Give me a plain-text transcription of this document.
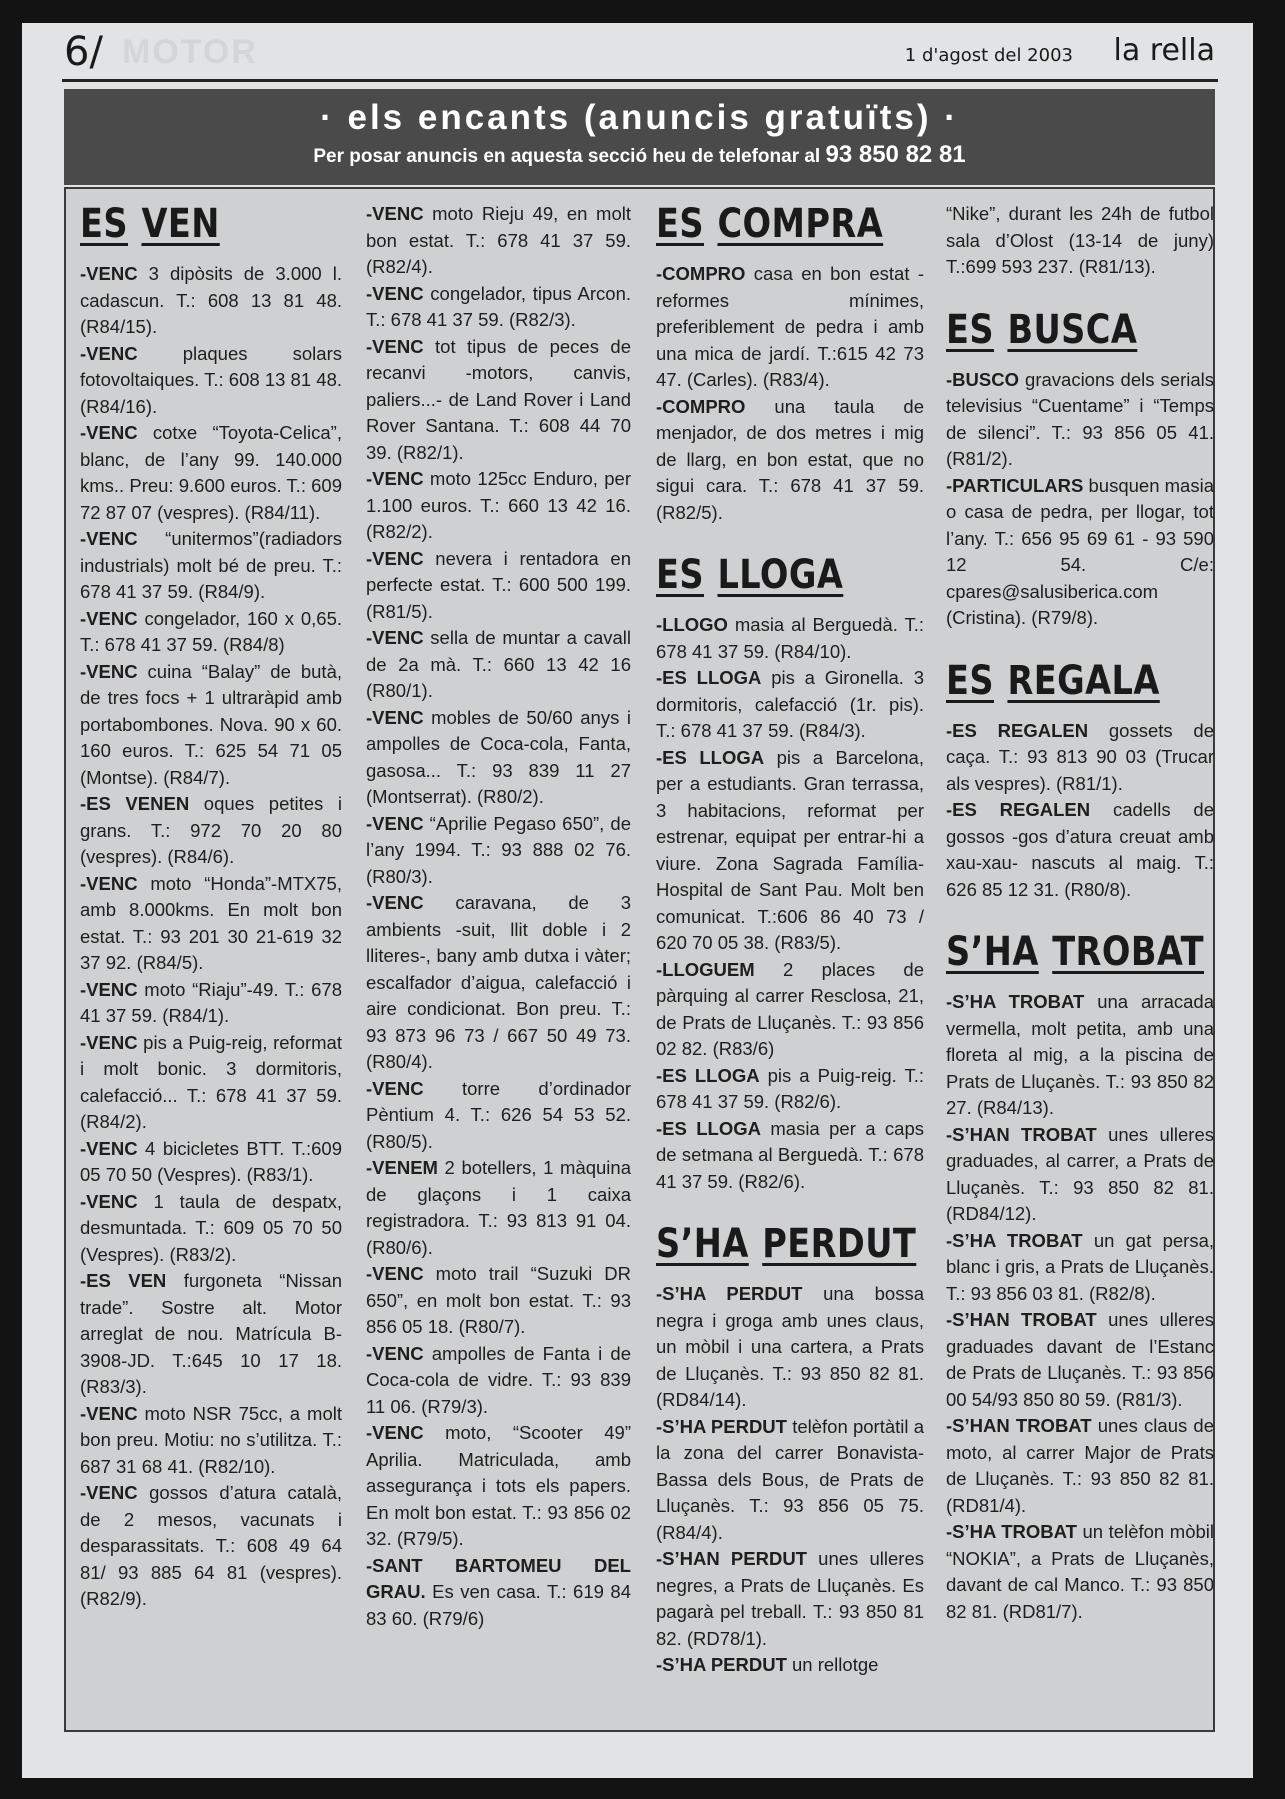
MOTOR
6/	1 d'agost del 2003 la rella
· els encants (anuncis gratuïts) ·
Per posar anuncis en aquesta secció heu de telefonar al 93 850 82 81
ES VEN
-VENC 3 dipòsits de 3.000 l. cadascun. T.: 608 13 81 48. (R84/15).
-VENC plaques solars fotovoltaiques. T.: 608 13 81 48. (R84/16).
-VENC cotxe “Toyota-Celica”, blanc, de l’any 99. 140.000 kms.. Preu: 9.600 euros. T.: 609 72 87 07 (vespres). (R84/11).
-VENC “unitermos”(radiadors industrials) molt bé de preu. T.: 678 41 37 59. (R84/9).
-VENC congelador, 160 x 0,65. T.: 678 41 37 59. (R84/8)
-VENC cuina “Balay” de butà, de tres focs + 1 ultraràpid amb portabombones. Nova. 90 x 60. 160 euros. T.: 625 54 71 05 (Montse). (R84/7).
-ES VENEN oques petites i grans. T.: 972 70 20 80 (vespres). (R84/6).
-VENC moto “Honda”-MTX75, amb 8.000kms. En molt bon estat. T.: 93 201 30 21-619 32 37 92. (R84/5).
-VENC moto “Riaju”-49. T.: 678 41 37 59. (R84/1).
-VENC pis a Puig-reig, reformat i molt bonic. 3 dormitoris, calefacció... T.: 678 41 37 59. (R84/2).
-VENC 4 bicicletes BTT. T.:609 05 70 50 (Vespres). (R83/1).
-VENC 1 taula de despatx, desmuntada. T.: 609 05 70 50 (Vespres). (R83/2).
-ES VEN furgoneta “Nissan trade”. Sostre alt. Motor arreglat de nou. Matrícula B-3908-JD. T.:645 10 17 18. (R83/3).
-VENC moto NSR 75cc, a molt bon preu. Motiu: no s’utilitza. T.: 687 31 68 41. (R82/10).
-VENC gossos d’atura català, de 2 mesos, vacunats i desparassitats. T.: 608 49 64 81/ 93 885 64 81 (vespres). (R82/9).
-VENC moto Rieju 49, en molt bon estat. T.: 678 41 37 59.(R82/4).
-VENC congelador, tipus Arcon. T.: 678 41 37 59. (R82/3).
-VENC tot tipus de peces de recanvi -motors, canvis, paliers...- de Land Rover i Land Rover Santana. T.: 608 44 70 39. (R82/1).
-VENC moto 125cc Enduro, per 1.100 euros. T.: 660 13 42 16. (R82/2).
-VENC nevera i rentadora en perfecte estat. T.: 600 500 199. (R81/5).
-VENC sella de muntar a cavall de 2a mà. T.: 660 13 42 16 (R80/1).
-VENC mobles de 50/60 anys i ampolles de Coca-cola, Fanta, gasosa... T.: 93 839 11 27 (Montserrat). (R80/2).
-VENC “Aprilie Pegaso 650”, de l’any 1994. T.: 93 888 02 76. (R80/3).
-VENC caravana, de 3 ambients -suit, llit doble i 2 lliteres-, bany amb dutxa i vàter; escalfador d’aigua, calefacció i aire condicionat. Bon preu. T.: 93 873 96 73 / 667 50 49 73. (R80/4).
-VENC torre d’ordinador Pèntium 4. T.: 626 54 53 52. (R80/5).
-VENEM 2 botellers, 1 màquina de glaçons i 1 caixa registradora. T.: 93 813 91 04. (R80/6).
-VENC moto trail “Suzuki DR 650”, en molt bon estat. T.: 93 856 05 18. (R80/7).
-VENC ampolles de Fanta i de Coca-cola de vidre. T.: 93 839 11 06. (R79/3).
-VENC moto, “Scooter 49” Aprilia. Matriculada, amb assegurança i tots els papers. En molt bon estat. T.: 93 856 02 32. (R79/5).
-SANT BARTOMEU DEL GRAU. Es ven casa. T.: 619 84 83 60. (R79/6)
ES COMPRA
-COMPRO casa en bon estat -reformes mínimes, preferiblement de pedra i amb una mica de jardí. T.:615 42 73 47. (Carles). (R83/4).
-COMPRO una taula de menjador, de dos metres i mig de llarg, en bon estat, que no sigui cara. T.: 678 41 37 59. (R82/5).
ES LLOGA
-LLOGO masia al Berguedà. T.: 678 41 37 59. (R84/10).
-ES LLOGA pis a Gironella. 3 dormitoris, calefacció (1r. pis). T.: 678 41 37 59. (R84/3).
-ES LLOGA pis a Barcelona, per a estudiants. Gran terrassa, 3 habitacions, reformat per estrenar, equipat per entrar-hi a viure. Zona Sagrada Família-Hospital de Sant Pau. Molt ben comunicat. T.:606 86 40 73 / 620 70 05 38. (R83/5).
-LLOGUEM 2 places de pàrquing al carrer Resclosa, 21, de Prats de Lluçanès. T.: 93 856 02 82. (R83/6)
-ES LLOGA pis a Puig-reig. T.: 678 41 37 59. (R82/6).
-ES LLOGA masia per a caps de setmana al Berguedà. T.: 678 41 37 59. (R82/6).
S’HA PERDUT
-S’HA PERDUT una bossa negra i groga amb unes claus, un mòbil i una cartera, a Prats de Lluçanès. T.: 93 850 82 81. (RD84/14).
-S’HA PERDUT telèfon portàtil a la zona del carrer Bonavista-Bassa dels Bous, de Prats de Lluçanès. T.: 93 856 05 75. (R84/4).
-S’HAN PERDUT unes ulleres negres, a Prats de Lluçanès. Es pagarà pel treball. T.: 93 850 81 82. (RD78/1).
-S’HA PERDUT un rellotge
“Nike”, durant les 24h de futbol sala d’Olost (13-14 de juny) T.:699 593 237. (R81/13).
ES BUSCA
-BUSCO gravacions dels serials televisius “Cuentame” i “Temps de silenci”. T.: 93 856 05 41. (R81/2).
-PARTICULARS busquen masia o casa de pedra, per llogar, tot l’any. T.: 656 95 69 61 - 93 590 12 54. C/e: cpares@salusiberica.com (Cristina). (R79/8).
ES REGALA
-ES REGALEN gossets de caça. T.: 93 813 90 03 (Trucar als vespres). (R81/1).
-ES REGALEN cadells de gossos -gos d’atura creuat amb xau-xau- nascuts al maig. T.: 626 85 12 31. (R80/8).
S’HA TROBAT
-S’HA TROBAT una arracada vermella, molt petita, amb una floreta al mig, a la piscina de Prats de Lluçanès. T.: 93 850 82 27. (R84/13).
-S’HAN TROBAT unes ulleres graduades, al carrer, a Prats de Lluçanès. T.: 93 850 82 81. (RD84/12).
-S’HA TROBAT un gat persa, blanc i gris, a Prats de Lluçanès. T.: 93 856 03 81. (R82/8).
-S’HAN TROBAT unes ulleres graduades davant de l’Estanc de Prats de Lluçanès. T.: 93 856 00 54/93 850 80 59. (R81/3).
-S’HAN TROBAT unes claus de moto, al carrer Major de Prats de Lluçanès. T.: 93 850 82 81. (RD81/4).
-S’HA TROBAT un telèfon mòbil “NOKIA”, a Prats de Lluçanès, davant de cal Manco. T.: 93 850 82 81. (RD81/7).
